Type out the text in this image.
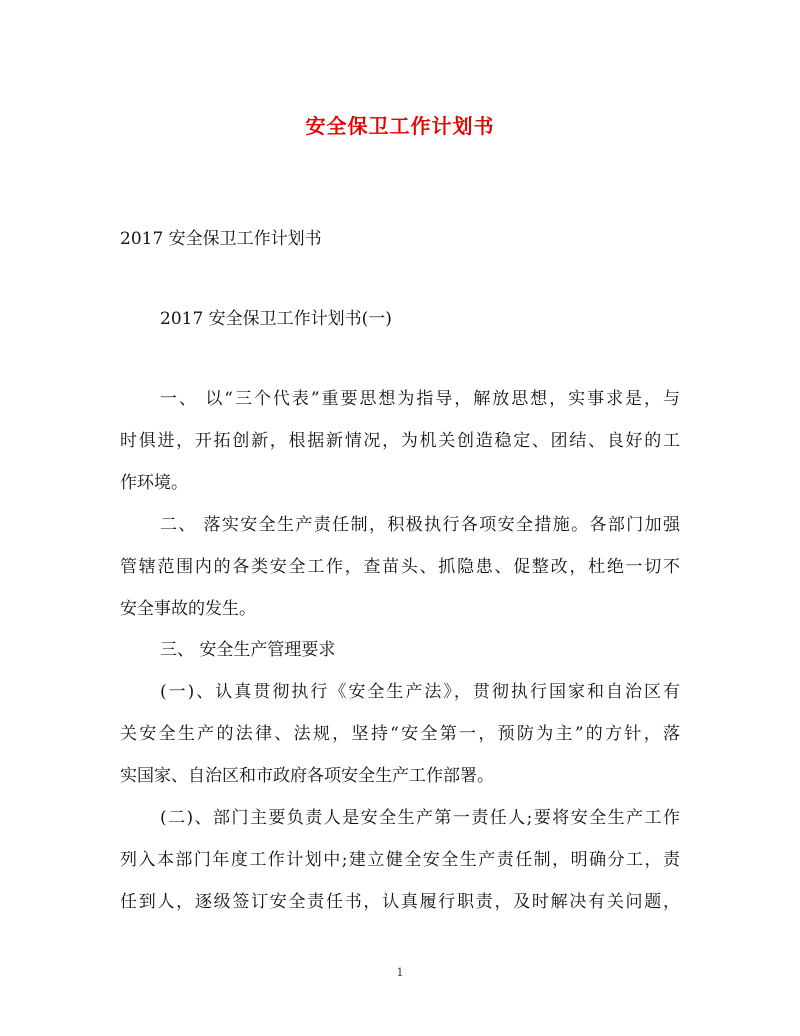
安全保卫工作计划书
2017 安全保卫工作计划书
2017 安全保卫工作计划书(一)
一、 以“三个代表”重要思想为指导，解放思想，实事求是，与
时俱进，开拓创新，根据新情况，为机关创造稳定、团结、良好的工
作环境。
二、 落实安全生产责任制，积极执行各项安全措施。各部门加强
管辖范围内的各类安全工作，查苗头、抓隐患、促整改，杜绝一切不
安全事故的发生。
三、 安全生产管理要求
(一)、认真贯彻执行《安全生产法》，贯彻执行国家和自治区有
关安全生产的法律、法规，坚持“安全第一，预防为主”的方针，落
实国家、自治区和市政府各项安全生产工作部署。
(二)、部门主要负责人是安全生产第一责任人;要将安全生产工作
列入本部门年度工作计划中;建立健全安全生产责任制，明确分工，责
任到人，逐级签订安全责任书，认真履行职责，及时解决有关问题，
1
